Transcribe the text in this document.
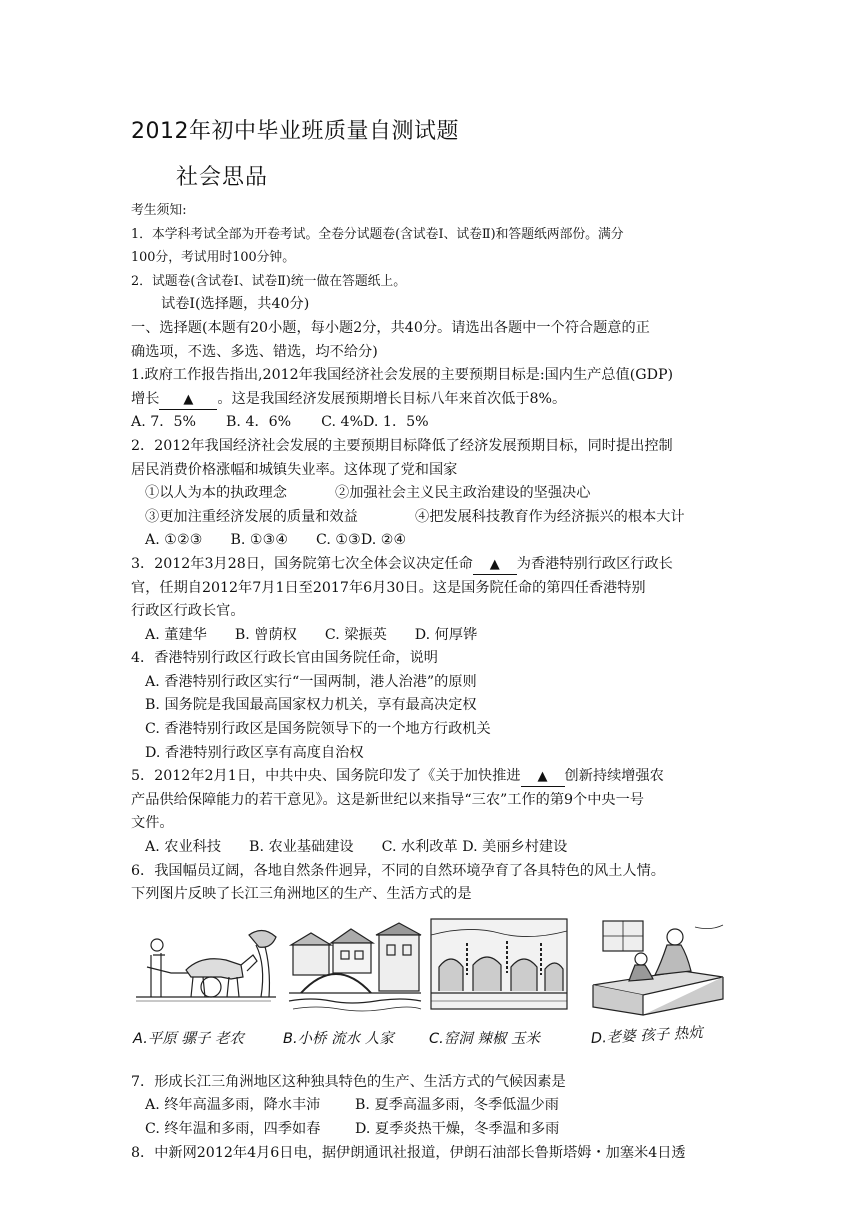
2012年初中毕业班质量自测试题
社会思品
考生须知:
1．本学科考试全部为开卷考试。全卷分试题卷(含试卷Ⅰ、试卷Ⅱ)和答题纸两部份。满分
100分，考试用时100分钟。
2．试题卷(含试卷Ⅰ、试卷Ⅱ)统一做在答题纸上。
试卷Ⅰ(选择题，共40分)
一、选择题(本题有20小题，每小题2分，共40分。请选出各题中一个符合题意的正
确选项，不选、多选、错选，均不给分)
1.政府工作报告指出,2012年我国经济社会发展的主要预期目标是:国内生产总值(GDP)
增长 ▲ 。这是我国经济发展预期增长目标八年来首次低于8%。
A. 7．5% B. 4．6% C. 4%D. 1．5%
2．2012年我国经济社会发展的主要预期目标降低了经济发展预期目标，同时提出控制
居民消费价格涨幅和城镇失业率。这体现了党和国家
①以人为本的执政理念	②加强社会主义民主政治建设的坚强决心
③更加注重经济发展的质量和效益	④把发展科技教育作为经济振兴的根本大计
A. ①②③ B. ①③④ C. ①③D. ②④
3．2012年3月28日，国务院第七次全体会议决定任命 ▲ 为香港特别行政区行政长
官，任期自2012年7月1日至2017年6月30日。这是国务院任命的第四任香港特别
行政区行政长官。
A. 董建华 B. 曾荫权 C. 梁振英 D. 何厚铧
4．香港特别行政区行政长官由国务院任命，说明
A. 香港特别行政区实行“一国两制，港人治港”的原则
B. 国务院是我国最高国家权力机关，享有最高决定权
C. 香港特别行政区是国务院领导下的一个地方行政机关
D. 香港特别行政区享有高度自治权
5．2012年2月1日，中共中央、国务院印发了《关于加快推进 ▲ 创新持续增强农
产品供给保障能力的若干意见》。这是新世纪以来指导“三农”工作的第9个中央一号
文件。
A. 农业科技 B. 农业基础建设 C. 水利改革 D. 美丽乡村建设
6．我国幅员辽阔，各地自然条件迥异，不同的自然环境孕育了各具特色的风土人情。
下列图片反映了长江三角洲地区的生产、生活方式的是
A.平原 骡子 老农	B.小桥 流水 人家 C.窑洞 辣椒 玉米	D.老婆 孩子 热炕
7．形成长江三角洲地区这种独具特色的生产、生活方式的气候因素是
A. 终年高温多雨，降水丰沛 B. 夏季高温多雨，冬季低温少雨
C. 终年温和多雨，四季如春 D. 夏季炎热干燥，冬季温和多雨
8．中新网2012年4月6日电，据伊朗通讯社报道，伊朗石油部长鲁斯塔姆・加塞米4日透
